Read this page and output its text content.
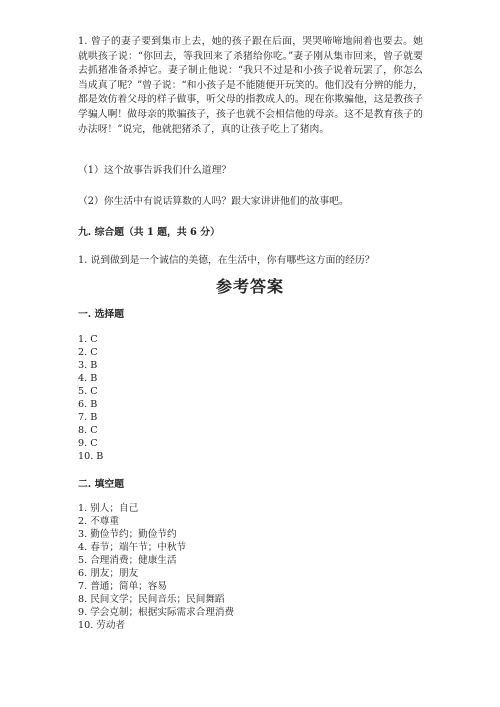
1. 曾子的妻子要到集市上去，她的孩子跟在后面，哭哭啼啼地闹着也要去。她就哄孩子说：“你回去，等我回来了杀猪给你吃。”妻子刚从集市回来，曾子就要去抓猪准备杀掉它。妻子制止他说：“我只不过是和小孩子说着玩罢了，你怎么当成真了呢？”曾子说：“和小孩子是不能随便开玩笑的。他们没有分辨的能力，都是效仿着父母的样子做事，听父母的指教成人的。现在你欺骗他，这是教孩子学骗人啊！做母亲的欺骗孩子，孩子也就不会相信他的母亲。这不是教育孩子的办法呀！”说完，他就把猪杀了，真的让孩子吃上了猪肉。

（1）这个故事告诉我们什么道理？

（2）你生活中有说话算数的人吗？跟大家讲讲他们的故事吧。

九. 综合题（共 1 题，共 6 分）

1. 说到做到是一个诚信的美德，在生活中，你有哪些这方面的经历？

参考答案

一. 选择题

1. C
2. C
3. B
4. B
5. C
6. B
7. B
8. C
9. C
10. B

二. 填空题

1. 别人；自己
2. 不尊重
3. 勤俭节约；勤俭节约
4. 春节；端午节；中秋节
5. 合理消费；健康生活
6. 朋友；朋友
7. 普通；简单；容易
8. 民间文学；民间音乐；民间舞蹈
9. 学会克制；根据实际需求合理消费
10. 劳动者
